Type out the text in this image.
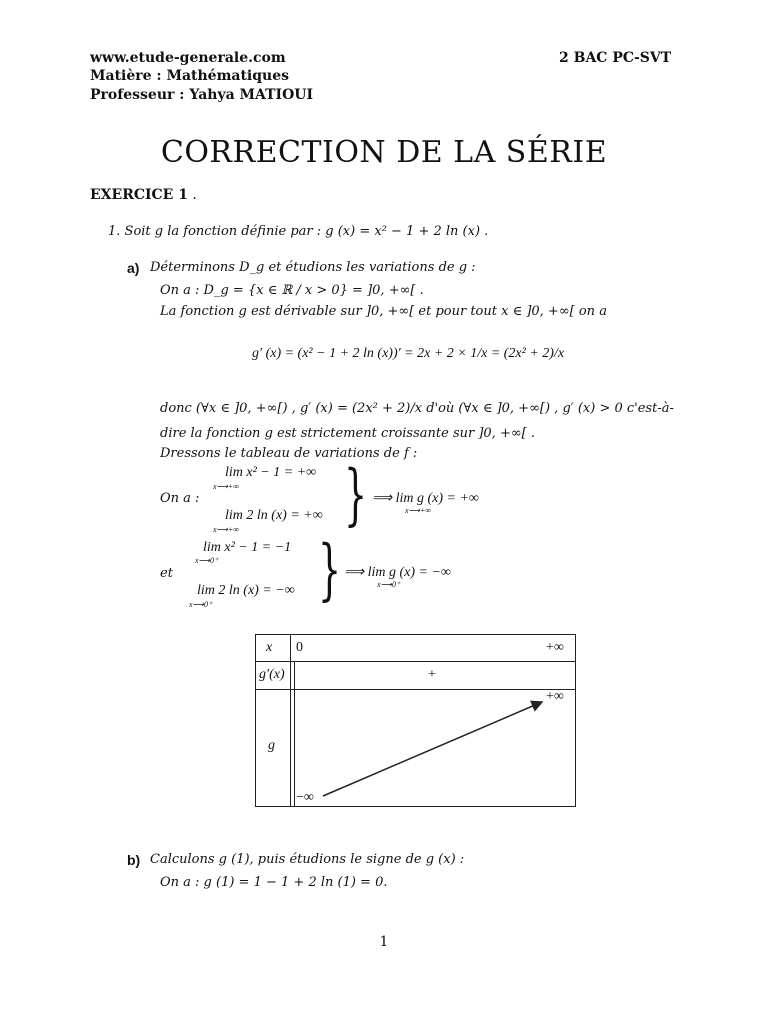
www.etude-generale.com
Matière : Mathématiques
Professeur : Yahya MATIOUI
2 BAC PC-SVT
CORRECTION DE LA SÉRIE
EXERCICE 1 .
1. Soit g la fonction définie par : g (x) = x² − 1 + 2 ln (x) .
a) Déterminons D_g et étudions les variations de g :
On a : D_g = {x ∈ ℝ / x > 0} = ]0, +∞[ .
La fonction g est dérivable sur ]0, +∞[ et pour tout x ∈ ]0, +∞[ on a
g′ (x) = (x² − 1 + 2 ln (x))′ = 2x + 2 × 1/x = (2x² + 2)/x
donc (∀x ∈ ]0, +∞[) , g′ (x) = (2x² + 2)/x d'où (∀x ∈ ]0, +∞[) , g′ (x) > 0 c'est-à-
dire la fonction g est strictement croissante sur ]0, +∞[ .
Dressons le tableau de variations de f :
On a :
lim x² − 1 = +∞
x⟶+∞
lim 2 ln (x) = +∞
x⟶+∞ } ⟹ lim g (x) = +∞
x⟶+∞
et
lim x² − 1 = −1
x⟶0⁺
lim 2 ln (x) = −∞
x⟶0⁺ } ⟹ lim g (x) = −∞
x⟶0⁺
x 0	+∞
g′(x)	+
g
+∞
−∞
b) Calculons g (1), puis étudions le signe de g (x) :
On a : g (1) = 1 − 1 + 2 ln (1) = 0.
1
